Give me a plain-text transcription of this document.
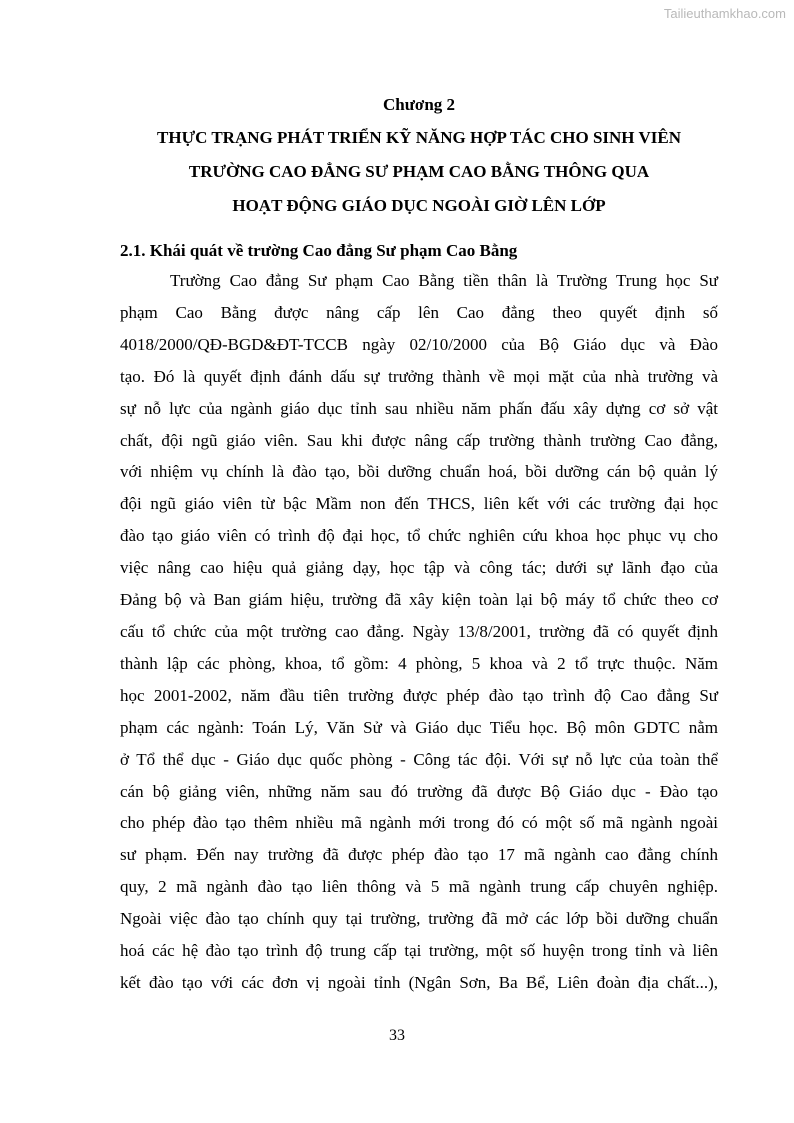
Tailieuthamkhao.com
Chương 2
THỰC TRẠNG PHÁT TRIỂN KỸ NĂNG HỢP TÁC CHO SINH VIÊN
TRƯỜNG CAO ĐẲNG SƯ PHẠM CAO BẰNG THÔNG QUA
HOẠT ĐỘNG GIÁO DỤC NGOÀI GIỜ LÊN LỚP
2.1. Khái quát về trường Cao đẳng Sư phạm Cao Bằng
Trường Cao đẳng Sư phạm Cao Bằng tiền thân là Trường Trung học Sư
phạm Cao Bằng được nâng cấp lên Cao đẳng theo quyết định số
4018/2000/QĐ-BGD&ĐT-TCCB ngày 02/10/2000 của Bộ Giáo dục và Đào
tạo. Đó là quyết định đánh dấu sự trưởng thành về mọi mặt của nhà trường và
sự nỗ lực của ngành giáo dục tỉnh sau nhiều năm phấn đấu xây dựng cơ sở vật
chất, đội ngũ giáo viên. Sau khi được nâng cấp trường thành trường Cao đẳng,
với nhiệm vụ chính là đào tạo, bồi dưỡng chuẩn hoá, bồi dưỡng cán bộ quản lý
đội ngũ giáo viên từ bậc Mầm non đến THCS, liên kết với các trường đại học
đào tạo giáo viên có trình độ đại học, tổ chức nghiên cứu khoa học phục vụ cho
việc nâng cao hiệu quả giảng dạy, học tập và công tác; dưới sự lãnh đạo của
Đảng bộ và Ban giám hiệu, trường đã xây kiện toàn lại bộ máy tổ chức theo cơ
cấu tổ chức của một trường cao đẳng. Ngày 13/8/2001, trường đã có quyết định
thành lập các phòng, khoa, tổ gồm: 4 phòng, 5 khoa và 2 tổ trực thuộc. Năm
học 2001-2002, năm đầu tiên trường được phép đào tạo trình độ Cao đẳng Sư
phạm các ngành: Toán Lý, Văn Sử và Giáo dục Tiểu học. Bộ môn GDTC nằm
ở Tổ thể dục - Giáo dục quốc phòng - Công tác đội. Với sự nỗ lực của toàn thể
cán bộ giảng viên, những năm sau đó trường đã được Bộ Giáo dục - Đào tạo
cho phép đào tạo thêm nhiều mã ngành mới trong đó có một số mã ngành ngoài
sư phạm. Đến nay trường đã được phép đào tạo 17 mã ngành cao đẳng chính
quy, 2 mã ngành đào tạo liên thông và 5 mã ngành trung cấp chuyên nghiệp.
Ngoài việc đào tạo chính quy tại trường, trường đã mở các lớp bồi dưỡng chuẩn
hoá các hệ đào tạo trình độ trung cấp tại trường, một số huyện trong tỉnh và liên
kết đào tạo với các đơn vị ngoài tỉnh (Ngân Sơn, Ba Bể, Liên đoàn địa chất...),
33
